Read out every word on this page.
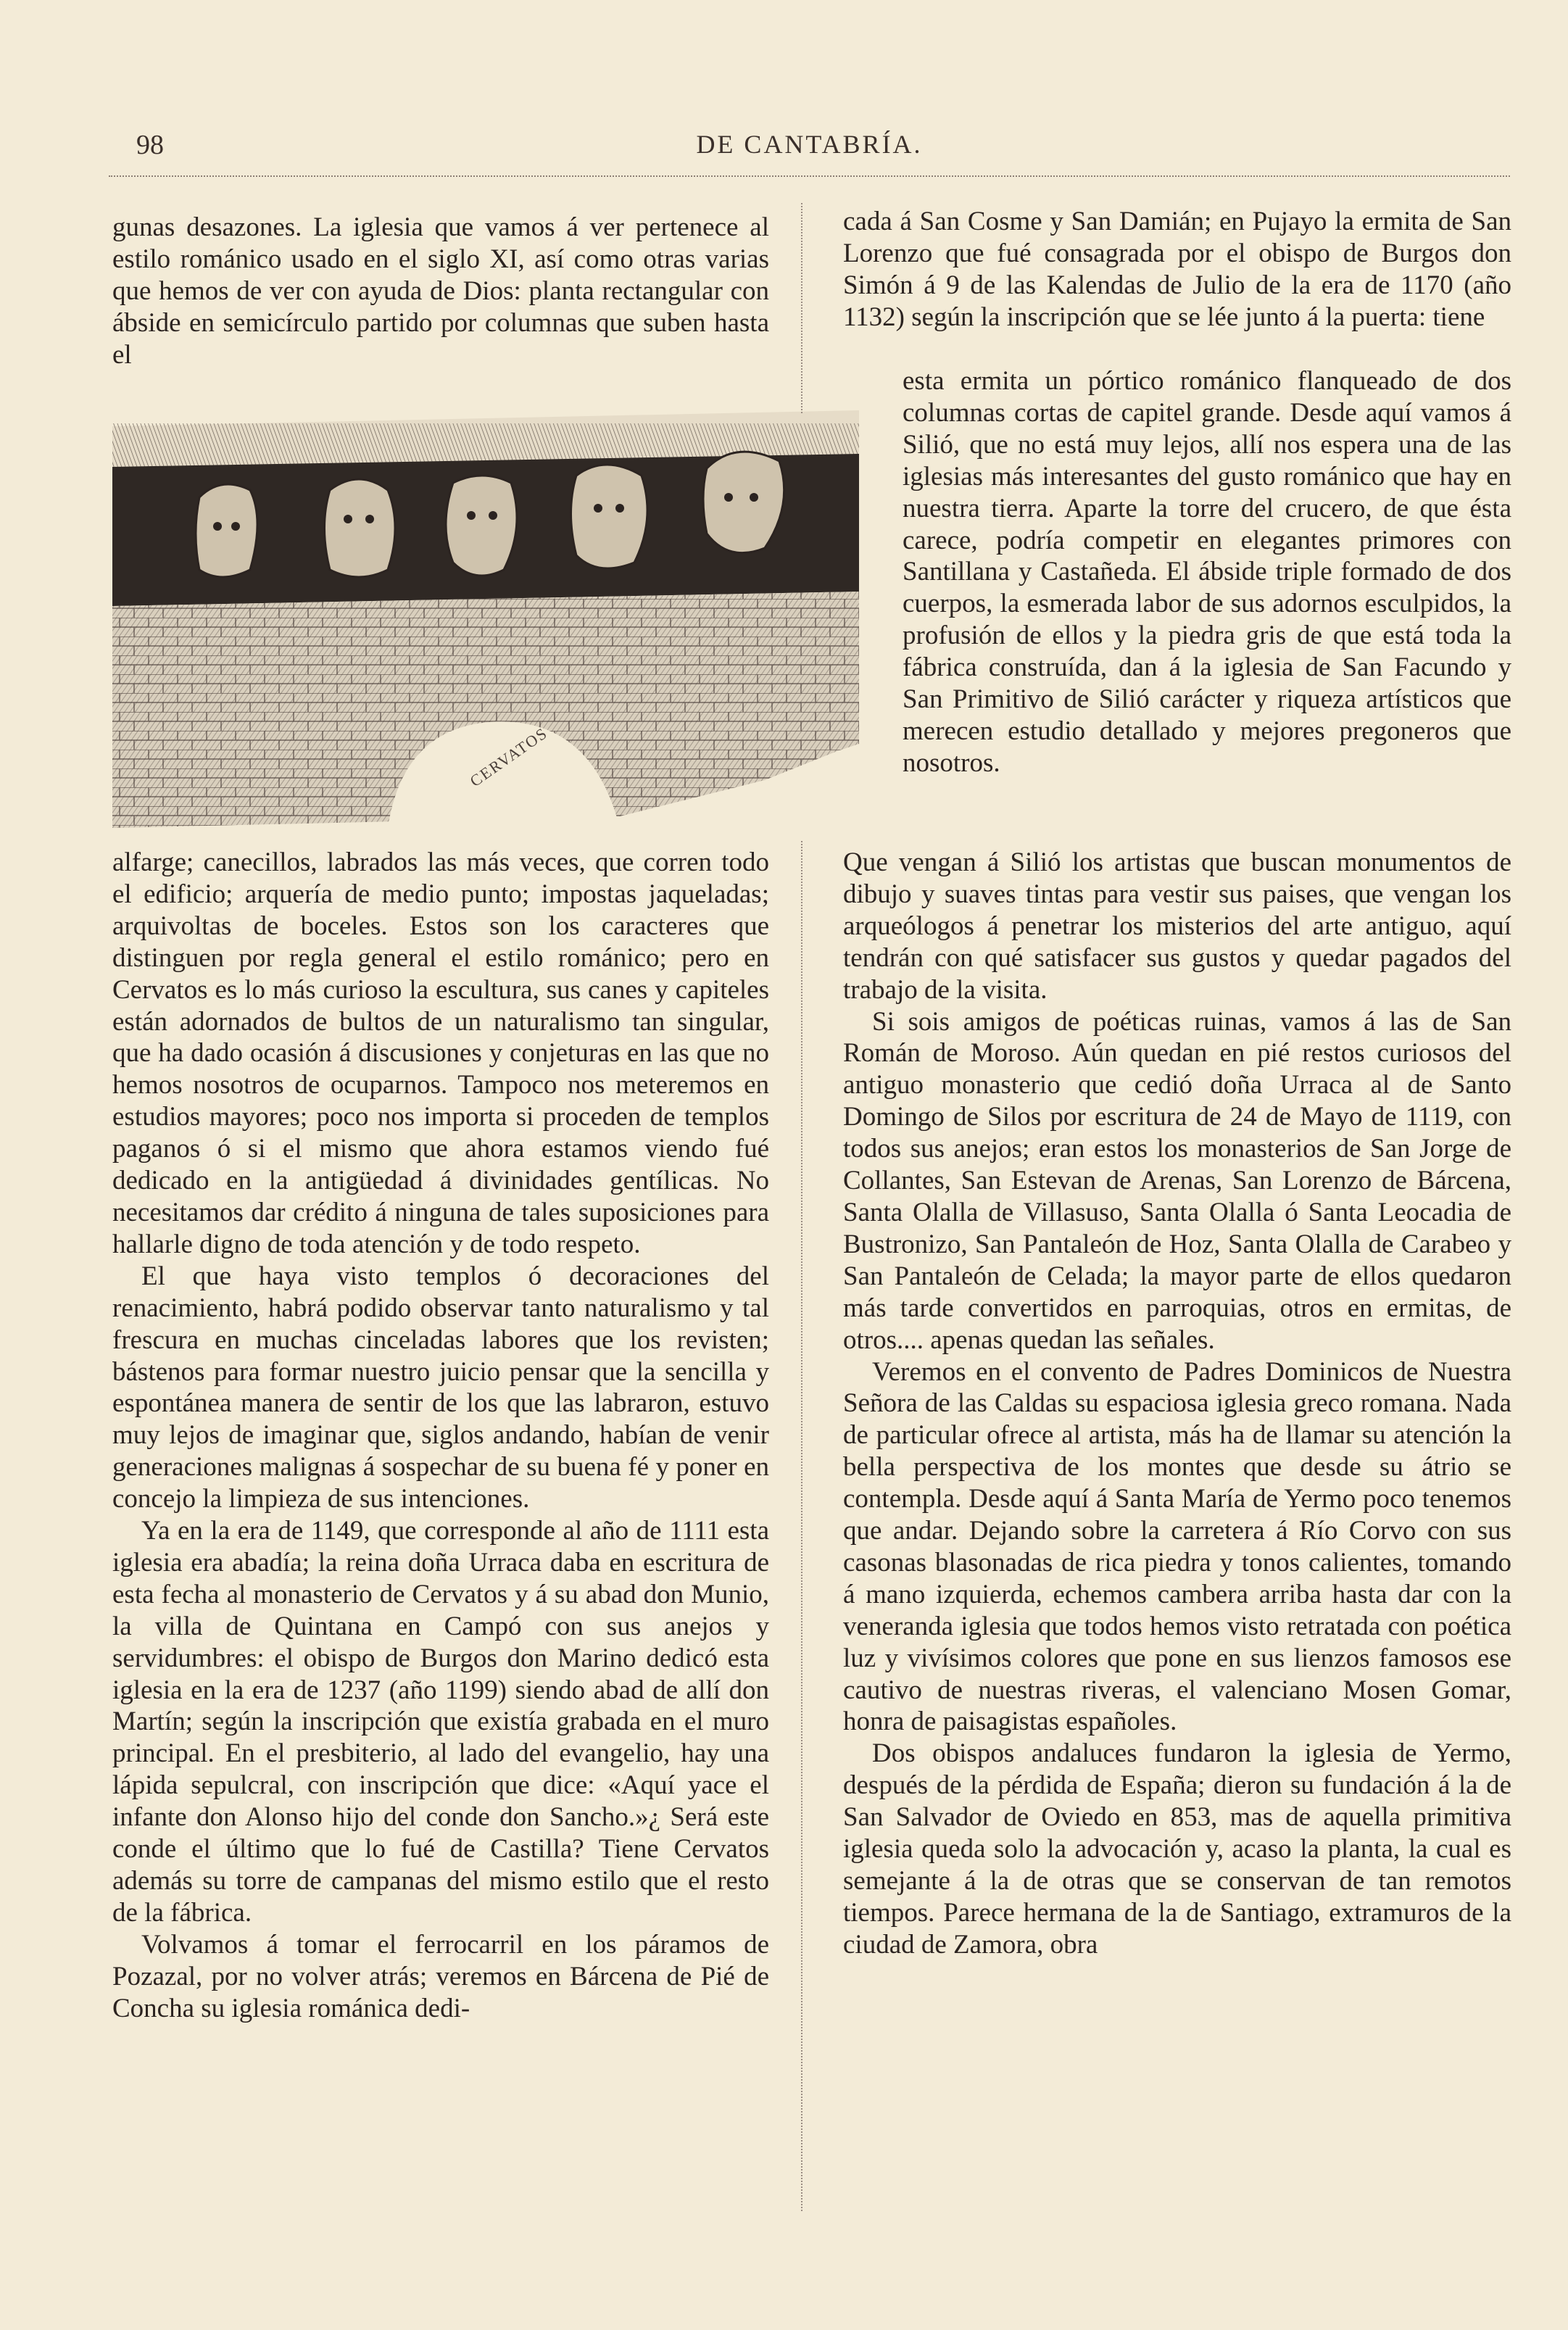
98	DE CANTABRÍA.

gunas desazones. La iglesia que vamos á ver pertenece al estilo románico usado en el siglo XI, así como otras varias que hemos de ver con ayuda de Dios: planta rectangular con ábside en semicírculo partido por columnas que suben hasta el

CERVATOS

alfarge; canecillos, labrados las más veces, que corren todo el edificio; arquería de medio punto; impostas jaqueladas; arquivoltas de boceles. Estos son los caracteres que distinguen por regla general el estilo románico; pero en Cervatos es lo más curioso la escultura, sus canes y capiteles están adornados de bultos de un naturalismo tan singular, que ha dado ocasión á discusiones y conjeturas en las que no hemos nosotros de ocuparnos. Tampoco nos meteremos en estudios mayores; poco nos importa si proceden de templos paganos ó si el mismo que ahora estamos viendo fué dedicado en la antigüedad á divinidades gentílicas. No necesitamos dar crédito á ninguna de tales suposiciones para hallarle digno de toda atención y de todo respeto.

El que haya visto templos ó decoraciones del renacimiento, habrá podido observar tanto naturalismo y tal frescura en muchas cinceladas labores que los revisten; bástenos para formar nuestro juicio pensar que la sencilla y espontánea manera de sentir de los que las labraron, estuvo muy lejos de imaginar que, siglos andando, habían de venir generaciones malignas á sospechar de su buena fé y poner en concejo la limpieza de sus intenciones.

Ya en la era de 1149, que corresponde al año de 1111 esta iglesia era abadía; la reina doña Urraca daba en escritura de esta fecha al monasterio de Cervatos y á su abad don Munio, la villa de Quintana en Campó con sus anejos y servidumbres: el obispo de Burgos don Marino dedicó esta iglesia en la era de 1237 (año 1199) siendo abad de allí don Martín; según la inscripción que existía grabada en el muro principal. En el presbiterio, al lado del evangelio, hay una lápida sepulcral, con inscripción que dice: «Aquí yace el infante don Alonso hijo del conde don Sancho.»¿ Será este conde el último que lo fué de Castilla? Tiene Cervatos además su torre de campanas del mismo estilo que el resto de la fábrica.

Volvamos á tomar el ferrocarril en los páramos de Pozazal, por no volver atrás; veremos en Bárcena de Pié de Concha su iglesia románica dedi-

cada á San Cosme y San Damián; en Pujayo la ermita de San Lorenzo que fué consagrada por el obispo de Burgos don Simón á 9 de las Kalendas de Julio de la era de 1170 (año 1132) según la inscripción que se lée junto á la puerta: tiene

esta ermita un pórtico románico flanqueado de dos columnas cortas de capitel grande. Desde aquí vamos á Silió, que no está muy lejos, allí nos espera una de las iglesias más interesantes del gusto románico que hay en nuestra tierra. Aparte la torre del crucero, de que ésta carece, podría competir en elegantes primores con Santillana y Castañeda. El ábside triple formado de dos cuerpos, la esmerada labor de sus adornos esculpidos, la profusión de ellos y la piedra gris de que está toda la fábrica construída, dan á la iglesia de San Facundo y San Primitivo de Silió carácter y riqueza artísticos que merecen estudio detallado y mejores pregoneros que nosotros.

Que vengan á Silió los artistas que buscan monumentos de dibujo y suaves tintas para vestir sus paises, que vengan los arqueólogos á penetrar los misterios del arte antiguo, aquí tendrán con qué satisfacer sus gustos y quedar pagados del trabajo de la visita.

Si sois amigos de poéticas ruinas, vamos á las de San Román de Moroso. Aún quedan en pié restos curiosos del antiguo monasterio que cedió doña Urraca al de Santo Domingo de Silos por escritura de 24 de Mayo de 1119, con todos sus anejos; eran estos los monasterios de San Jorge de Collantes, San Estevan de Arenas, San Lorenzo de Bárcena, Santa Olalla de Villasuso, Santa Olalla ó Santa Leocadia de Bustronizo, San Pantaleón de Hoz, Santa Olalla de Carabeo y San Pantaleón de Celada; la mayor parte de ellos quedaron más tarde convertidos en parroquias, otros en ermitas, de otros.... apenas quedan las señales.

Veremos en el convento de Padres Dominicos de Nuestra Señora de las Caldas su espaciosa iglesia greco romana. Nada de particular ofrece al artista, más ha de llamar su atención la bella perspectiva de los montes que desde su átrio se contempla. Desde aquí á Santa María de Yermo poco tenemos que andar. Dejando sobre la carretera á Río Corvo con sus casonas blasonadas de rica piedra y tonos calientes, tomando á mano izquierda, echemos cambera arriba hasta dar con la veneranda iglesia que todos hemos visto retratada con poética luz y vivísimos colores que pone en sus lienzos famosos ese cautivo de nuestras riveras, el valenciano Mosen Gomar, honra de paisagistas españoles.

Dos obispos andaluces fundaron la iglesia de Yermo, después de la pérdida de España; dieron su fundación á la de San Salvador de Oviedo en 853, mas de aquella primitiva iglesia queda solo la advocación y, acaso la planta, la cual es semejante á la de otras que se conservan de tan remotos tiempos. Parece hermana de la de Santiago, extramuros de la ciudad de Zamora, obra
